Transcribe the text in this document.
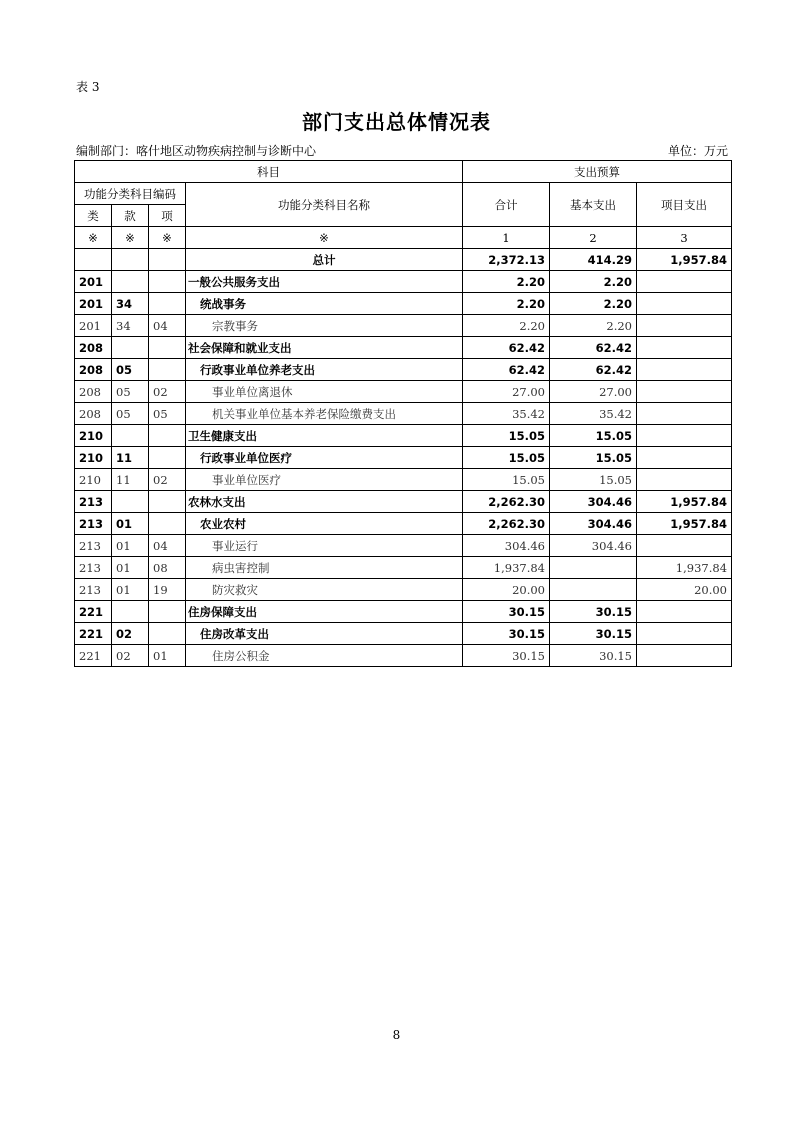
表 3
部门支出总体情况表
编制部门：喀什地区动物疾病控制与诊断中心	单位：万元
科目				支出预算		
功能分类科目编码			功能分类科目名称	合计	基本支出	项目支出
类	款	项				
※	※	※	※	1	2	3
			总计	2,372.13	414.29	1,957.84
201			一般公共服务支出	2.20	2.20	
201	34		统战事务	2.20	2.20	
201	34	04	宗教事务	2.20	2.20	
208			社会保障和就业支出	62.42	62.42	
208	05		行政事业单位养老支出	62.42	62.42	
208	05	02	事业单位离退休	27.00	27.00	
208	05	05	机关事业单位基本养老保险缴费支出	35.42	35.42	
210			卫生健康支出	15.05	15.05	
210	11		行政事业单位医疗	15.05	15.05	
210	11	02	事业单位医疗	15.05	15.05	
213			农林水支出	2,262.30	304.46	1,957.84
213	01		农业农村	2,262.30	304.46	1,957.84
213	01	04	事业运行	304.46	304.46	
213	01	08	病虫害控制	1,937.84		1,937.84
213	01	19	防灾救灾	20.00		20.00
221			住房保障支出	30.15	30.15	
221	02		住房改革支出	30.15	30.15	
221	02	01	住房公积金	30.15	30.15	
8
